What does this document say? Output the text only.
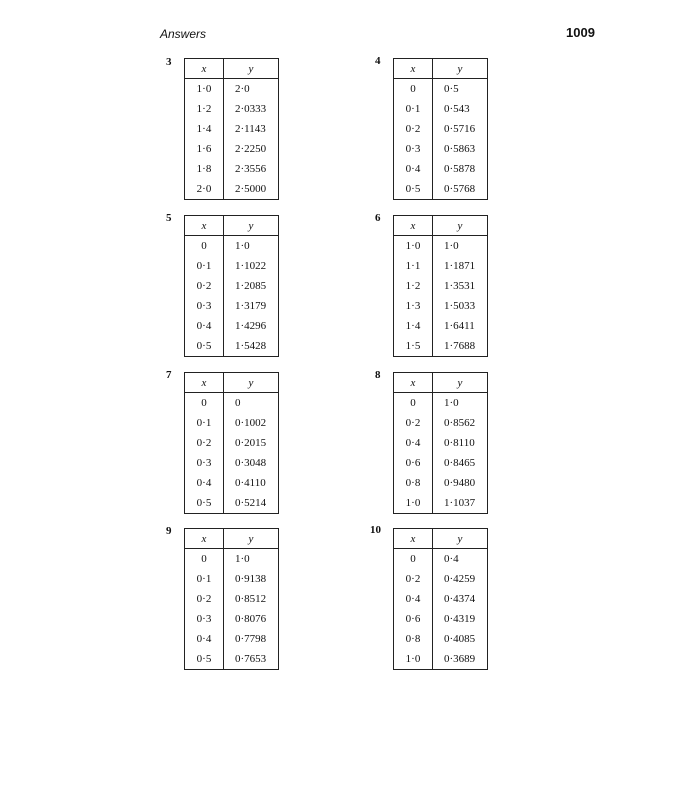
Answers	1009
3
x	y
1·0	2·0
1·2	2·0333
1·4	2·1143
1·6	2·2250
1·8	2·3556
2·0	2·5000
4
x	y
0	0·5
0·1	0·543
0·2	0·5716
0·3	0·5863
0·4	0·5878
0·5	0·5768
5
x	y
0	1·0
0·1	1·1022
0·2	1·2085
0·3	1·3179
0·4	1·4296
0·5	1·5428
6
x	y
1·0	1·0
1·1	1·1871
1·2	1·3531
1·3	1·5033
1·4	1·6411
1·5	1·7688
7
x	y
0	0
0·1	0·1002
0·2	0·2015
0·3	0·3048
0·4	0·4110
0·5	0·5214
8
x	y
0	1·0
0·2	0·8562
0·4	0·8110
0·6	0·8465
0·8	0·9480
1·0	1·1037
9
x	y
0	1·0
0·1	0·9138
0·2	0·8512
0·3	0·8076
0·4	0·7798
0·5	0·7653
10
x	y
0	0·4
0·2	0·4259
0·4	0·4374
0·6	0·4319
0·8	0·4085
1·0	0·3689
